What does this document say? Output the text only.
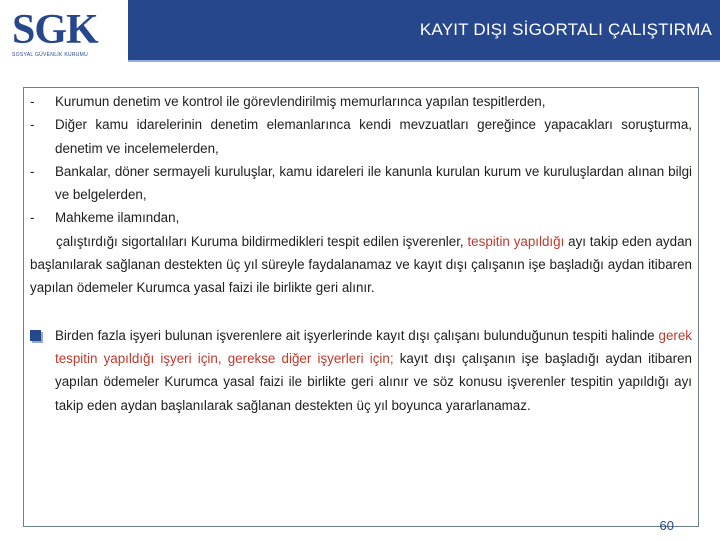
SGK
SOSYAL GÜVENLİK KURUMU
KAYIT DIŞI SİGORTALI ÇALIŞTIRMA
-	Kurumun denetim ve kontrol ile görevlendirilmiş memurlarınca yapılan tespitlerden,
-	Diğer kamu idarelerinin denetim elemanlarınca kendi mevzuatları gereğince yapacakları soruşturma, denetim ve incelemelerden,
-	Bankalar, döner sermayeli kuruluşlar, kamu idareleri ile kanunla kurulan kurum ve kuruluşlardan alınan bilgi ve belgelerden,
-	Mahkeme ilamından,
çalıştırdığı sigortalıları Kuruma bildirmedikleri tespit edilen işverenler, tespitin yapıldığı ayı takip eden aydan başlanılarak sağlanan destekten üç yıl süreyle faydalanamaz ve kayıt dışı çalışanın işe başladığı aydan itibaren yapılan ödemeler Kurumca yasal faizi ile birlikte geri alınır.
Birden fazla işyeri bulunan işverenlere ait işyerlerinde kayıt dışı çalışanı bulunduğunun tespiti halinde gerek tespitin yapıldığı işyeri için, gerekse diğer işyerleri için; kayıt dışı çalışanın işe başladığı aydan itibaren yapılan ödemeler Kurumca yasal faizi ile birlikte geri alınır ve söz konusu işverenler tespitin yapıldığı ayı takip eden aydan başlanılarak sağlanan destekten üç yıl boyunca yararlanamaz.
60
